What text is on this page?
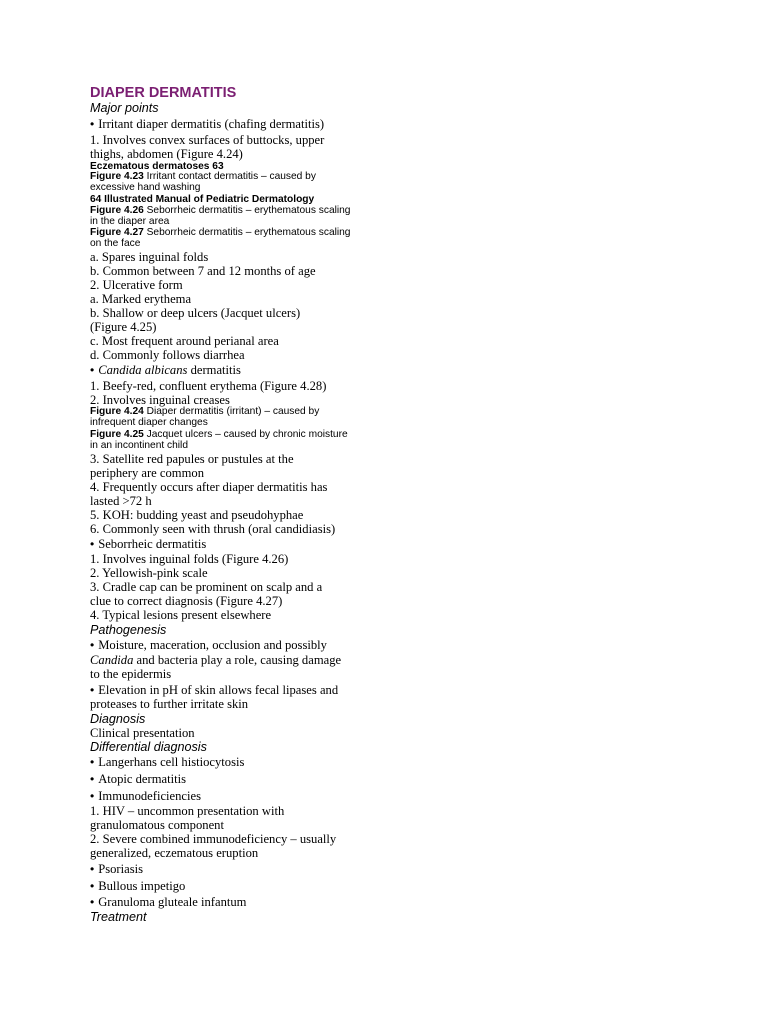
DIAPER DERMATITIS
Major points
• Irritant diaper dermatitis (chafing dermatitis)
1. Involves convex surfaces of buttocks, upper
thighs, abdomen (Figure 4.24)
Eczematous dermatoses 63
Figure 4.23 Irritant contact dermatitis – caused by
excessive hand washing
64 Illustrated Manual of Pediatric Dermatology
Figure 4.26 Seborrheic dermatitis – erythematous scaling
in the diaper area
Figure 4.27 Seborrheic dermatitis – erythematous scaling
on the face
a. Spares inguinal folds
b. Common between 7 and 12 months of age
2. Ulcerative form
a. Marked erythema
b. Shallow or deep ulcers (Jacquet ulcers)
(Figure 4.25)
c. Most frequent around perianal area
d. Commonly follows diarrhea
• Candida albicans dermatitis
1. Beefy-red, confluent erythema (Figure 4.28)
2. Involves inguinal creases
Figure 4.24 Diaper dermatitis (irritant) – caused by
infrequent diaper changes
Figure 4.25 Jacquet ulcers – caused by chronic moisture
in an incontinent child
3. Satellite red papules or pustules at the
periphery are common
4. Frequently occurs after diaper dermatitis has
lasted >72 h
5. KOH: budding yeast and pseudohyphae
6. Commonly seen with thrush (oral candidiasis)
• Seborrheic dermatitis
1. Involves inguinal folds (Figure 4.26)
2. Yellowish-pink scale
3. Cradle cap can be prominent on scalp and a
clue to correct diagnosis (Figure 4.27)
4. Typical lesions present elsewhere
Pathogenesis
• Moisture, maceration, occlusion and possibly
Candida and bacteria play a role, causing damage
to the epidermis
• Elevation in pH of skin allows fecal lipases and
proteases to further irritate skin
Diagnosis
Clinical presentation
Differential diagnosis
• Langerhans cell histiocytosis
• Atopic dermatitis
• Immunodeficiencies
1. HIV – uncommon presentation with
granulomatous component
2. Severe combined immunodeficiency – usually
generalized, eczematous eruption
• Psoriasis
• Bullous impetigo
• Granuloma gluteale infantum
Treatment
